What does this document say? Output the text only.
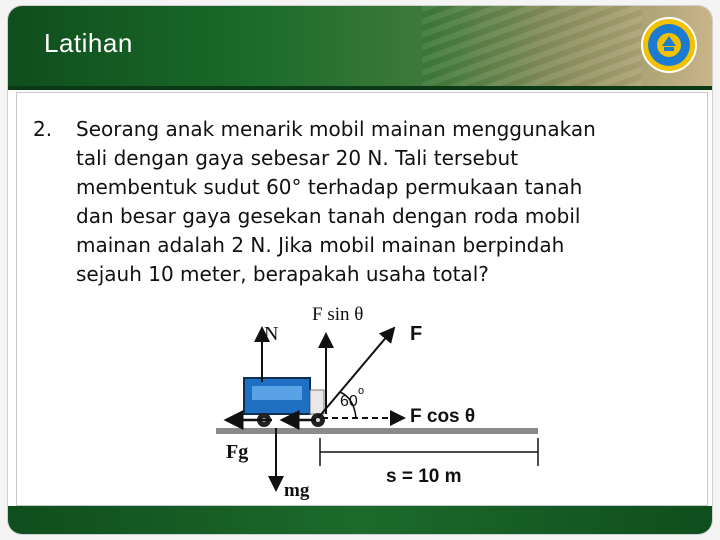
Latihan
2. Seorang anak menarik mobil mainan menggunakan
tali dengan gaya sebesar 20 N. Tali tersebut
membentuk sudut 60° terhadap permukaan tanah
dan besar gaya gesekan tanah dengan roda mobil
mainan adalah 2 N. Jika mobil mainan berpindah
sejauh 10 meter, berapakah usaha total?
N
F sin θ
F
60
o
F cos θ
Fg
mg
s = 10 m
